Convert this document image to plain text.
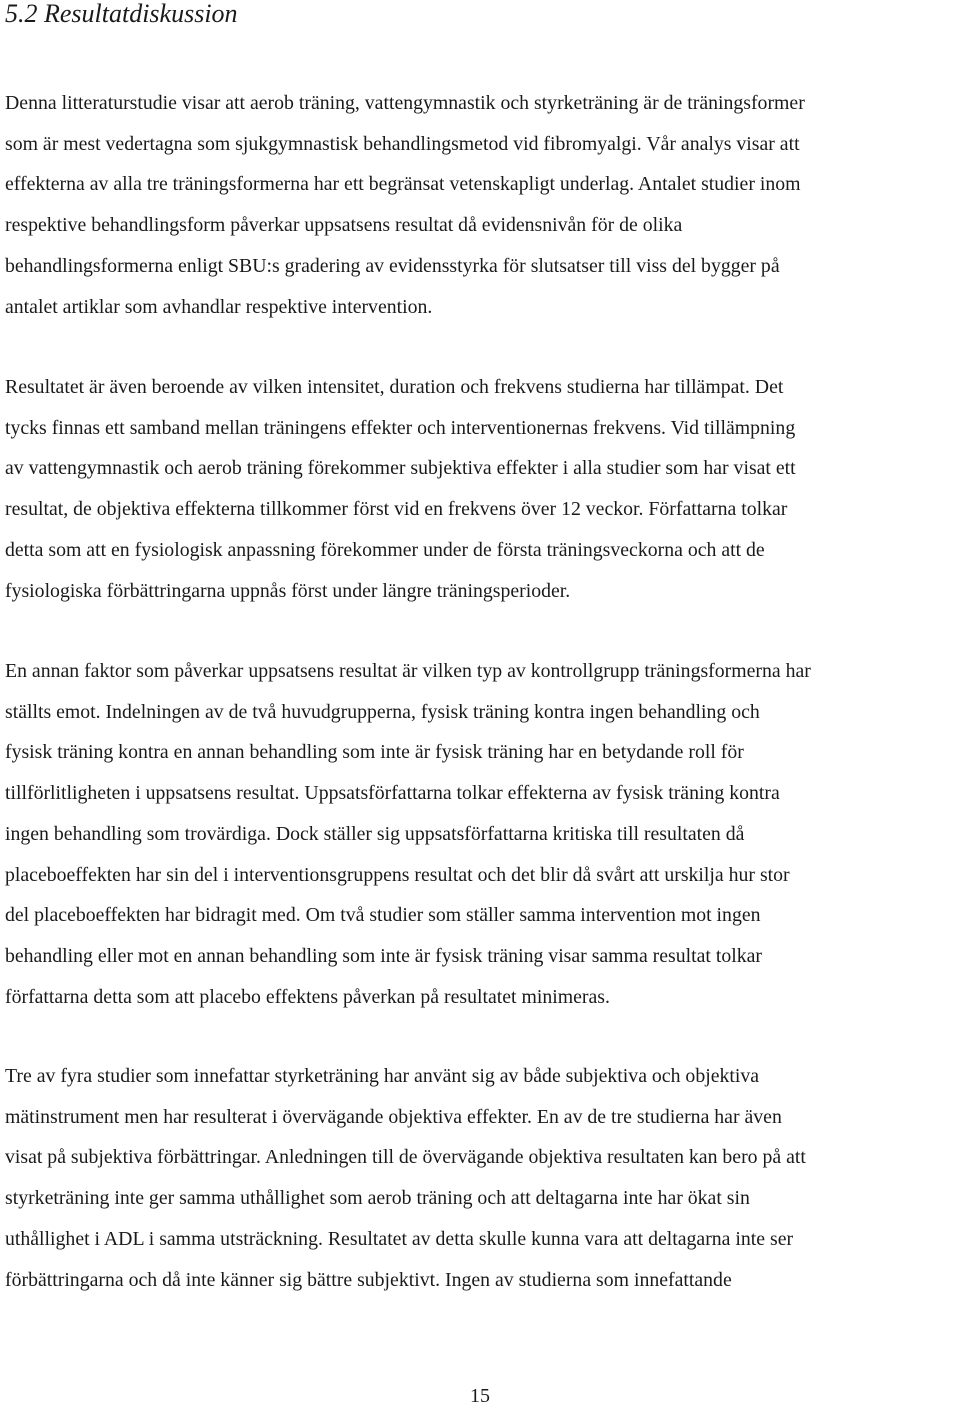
5.2 Resultatdiskussion

Denna litteraturstudie visar att aerob träning, vattengymnastik och styrketräning är de träningsformer
som är mest vedertagna som sjukgymnastisk behandlingsmetod vid fibromyalgi. Vår analys visar att
effekterna av alla tre träningsformerna har ett begränsat vetenskapligt underlag. Antalet studier inom
respektive behandlingsform påverkar uppsatsens resultat då evidensnivån för de olika
behandlingsformerna enligt SBU:s gradering av evidensstyrka för slutsatser till viss del bygger på
antalet artiklar som avhandlar respektive intervention.

Resultatet är även beroende av vilken intensitet, duration och frekvens studierna har tillämpat. Det
tycks finnas ett samband mellan träningens effekter och interventionernas frekvens. Vid tillämpning
av vattengymnastik och aerob träning förekommer subjektiva effekter i alla studier som har visat ett
resultat, de objektiva effekterna tillkommer först vid en frekvens över 12 veckor. Författarna tolkar
detta som att en fysiologisk anpassning förekommer under de första träningsveckorna och att de
fysiologiska förbättringarna uppnås först under längre träningsperioder.

En annan faktor som påverkar uppsatsens resultat är vilken typ av kontrollgrupp träningsformerna har
ställts emot. Indelningen av de två huvudgrupperna, fysisk träning kontra ingen behandling och
fysisk träning kontra en annan behandling som inte är fysisk träning har en betydande roll för
tillförlitligheten i uppsatsens resultat. Uppsatsförfattarna tolkar effekterna av fysisk träning kontra
ingen behandling som trovärdiga. Dock ställer sig uppsatsförfattarna kritiska till resultaten då
placeboeffekten har sin del i interventionsgruppens resultat och det blir då svårt att urskilja hur stor
del placeboeffekten har bidragit med. Om två studier som ställer samma intervention mot ingen
behandling eller mot en annan behandling som inte är fysisk träning visar samma resultat tolkar
författarna detta som att placebo effektens påverkan på resultatet minimeras.

Tre av fyra studier som innefattar styrketräning har använt sig av både subjektiva och objektiva
mätinstrument men har resulterat i övervägande objektiva effekter. En av de tre studierna har även
visat på subjektiva förbättringar. Anledningen till de övervägande objektiva resultaten kan bero på att
styrketräning inte ger samma uthållighet som aerob träning och att deltagarna inte har ökat sin
uthållighet i ADL i samma utsträckning. Resultatet av detta skulle kunna vara att deltagarna inte ser
förbättringarna och då inte känner sig bättre subjektivt. Ingen av studierna som innefattande

15
